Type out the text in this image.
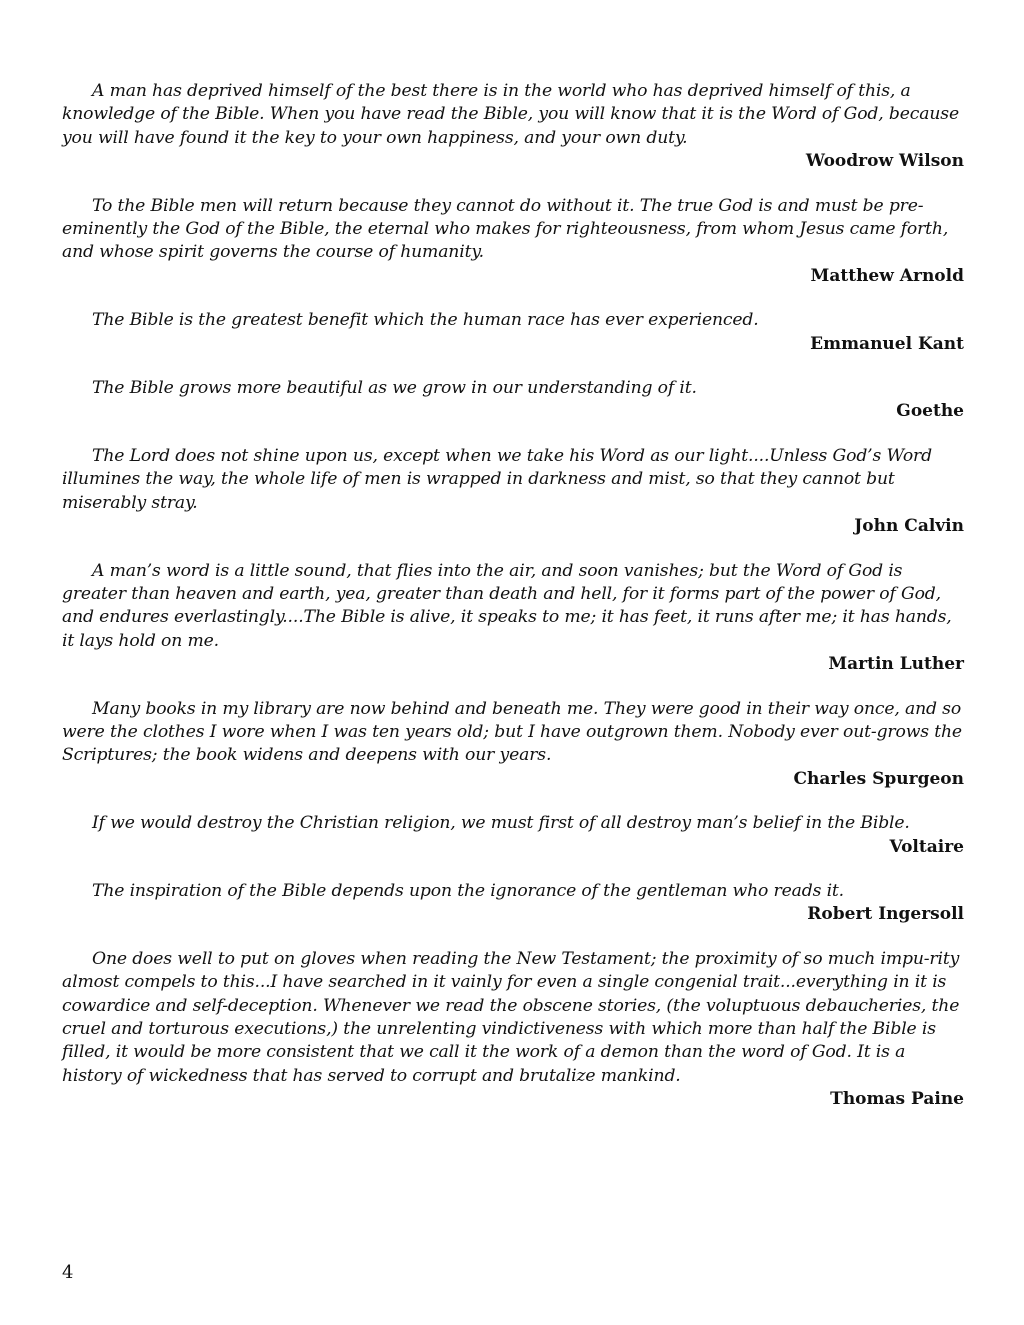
A man has deprived himself of the best there is in the world who has deprived himself of this, a knowledge of the Bible. When you have read the Bible, you will know that it is the Word of God, because you will have found it the key to your own happiness, and your own duty.

Woodrow Wilson

To the Bible men will return because they cannot do without it. The true God is and must be pre-eminently the God of the Bible, the eternal who makes for righteousness, from whom Jesus came forth, and whose spirit governs the course of humanity.

Matthew Arnold

The Bible is the greatest benefit which the human race has ever experienced.

Emmanuel Kant

The Bible grows more beautiful as we grow in our understanding of it.

Goethe

The Lord does not shine upon us, except when we take his Word as our light....Unless God’s Word illumines the way, the whole life of men is wrapped in darkness and mist, so that they cannot but miserably stray.

John Calvin

A man’s word is a little sound, that flies into the air, and soon vanishes; but the Word of God is greater than heaven and earth, yea, greater than death and hell, for it forms part of the power of God, and endures everlastingly....The Bible is alive, it speaks to me; it has feet, it runs after me; it has hands, it lays hold on me.

Martin Luther

Many books in my library are now behind and beneath me. They were good in their way once, and so were the clothes I wore when I was ten years old; but I have outgrown them. Nobody ever out-grows the Scriptures; the book widens and deepens with our years.

Charles Spurgeon

If we would destroy the Christian religion, we must first of all destroy man’s belief in the Bible.

Voltaire

The inspiration of the Bible depends upon the ignorance of the gentleman who reads it.

Robert Ingersoll

One does well to put on gloves when reading the New Testament; the proximity of so much impu-rity almost compels to this...I have searched in it vainly for even a single congenial trait...everything in it is cowardice and self-deception. Whenever we read the obscene stories, (the voluptuous debaucheries, the cruel and torturous executions,) the unrelenting vindictiveness with which more than half the Bible is filled, it would be more consistent that we call it the work of a demon than the word of God. It is a history of wickedness that has served to corrupt and brutalize mankind.

Thomas Paine

4
